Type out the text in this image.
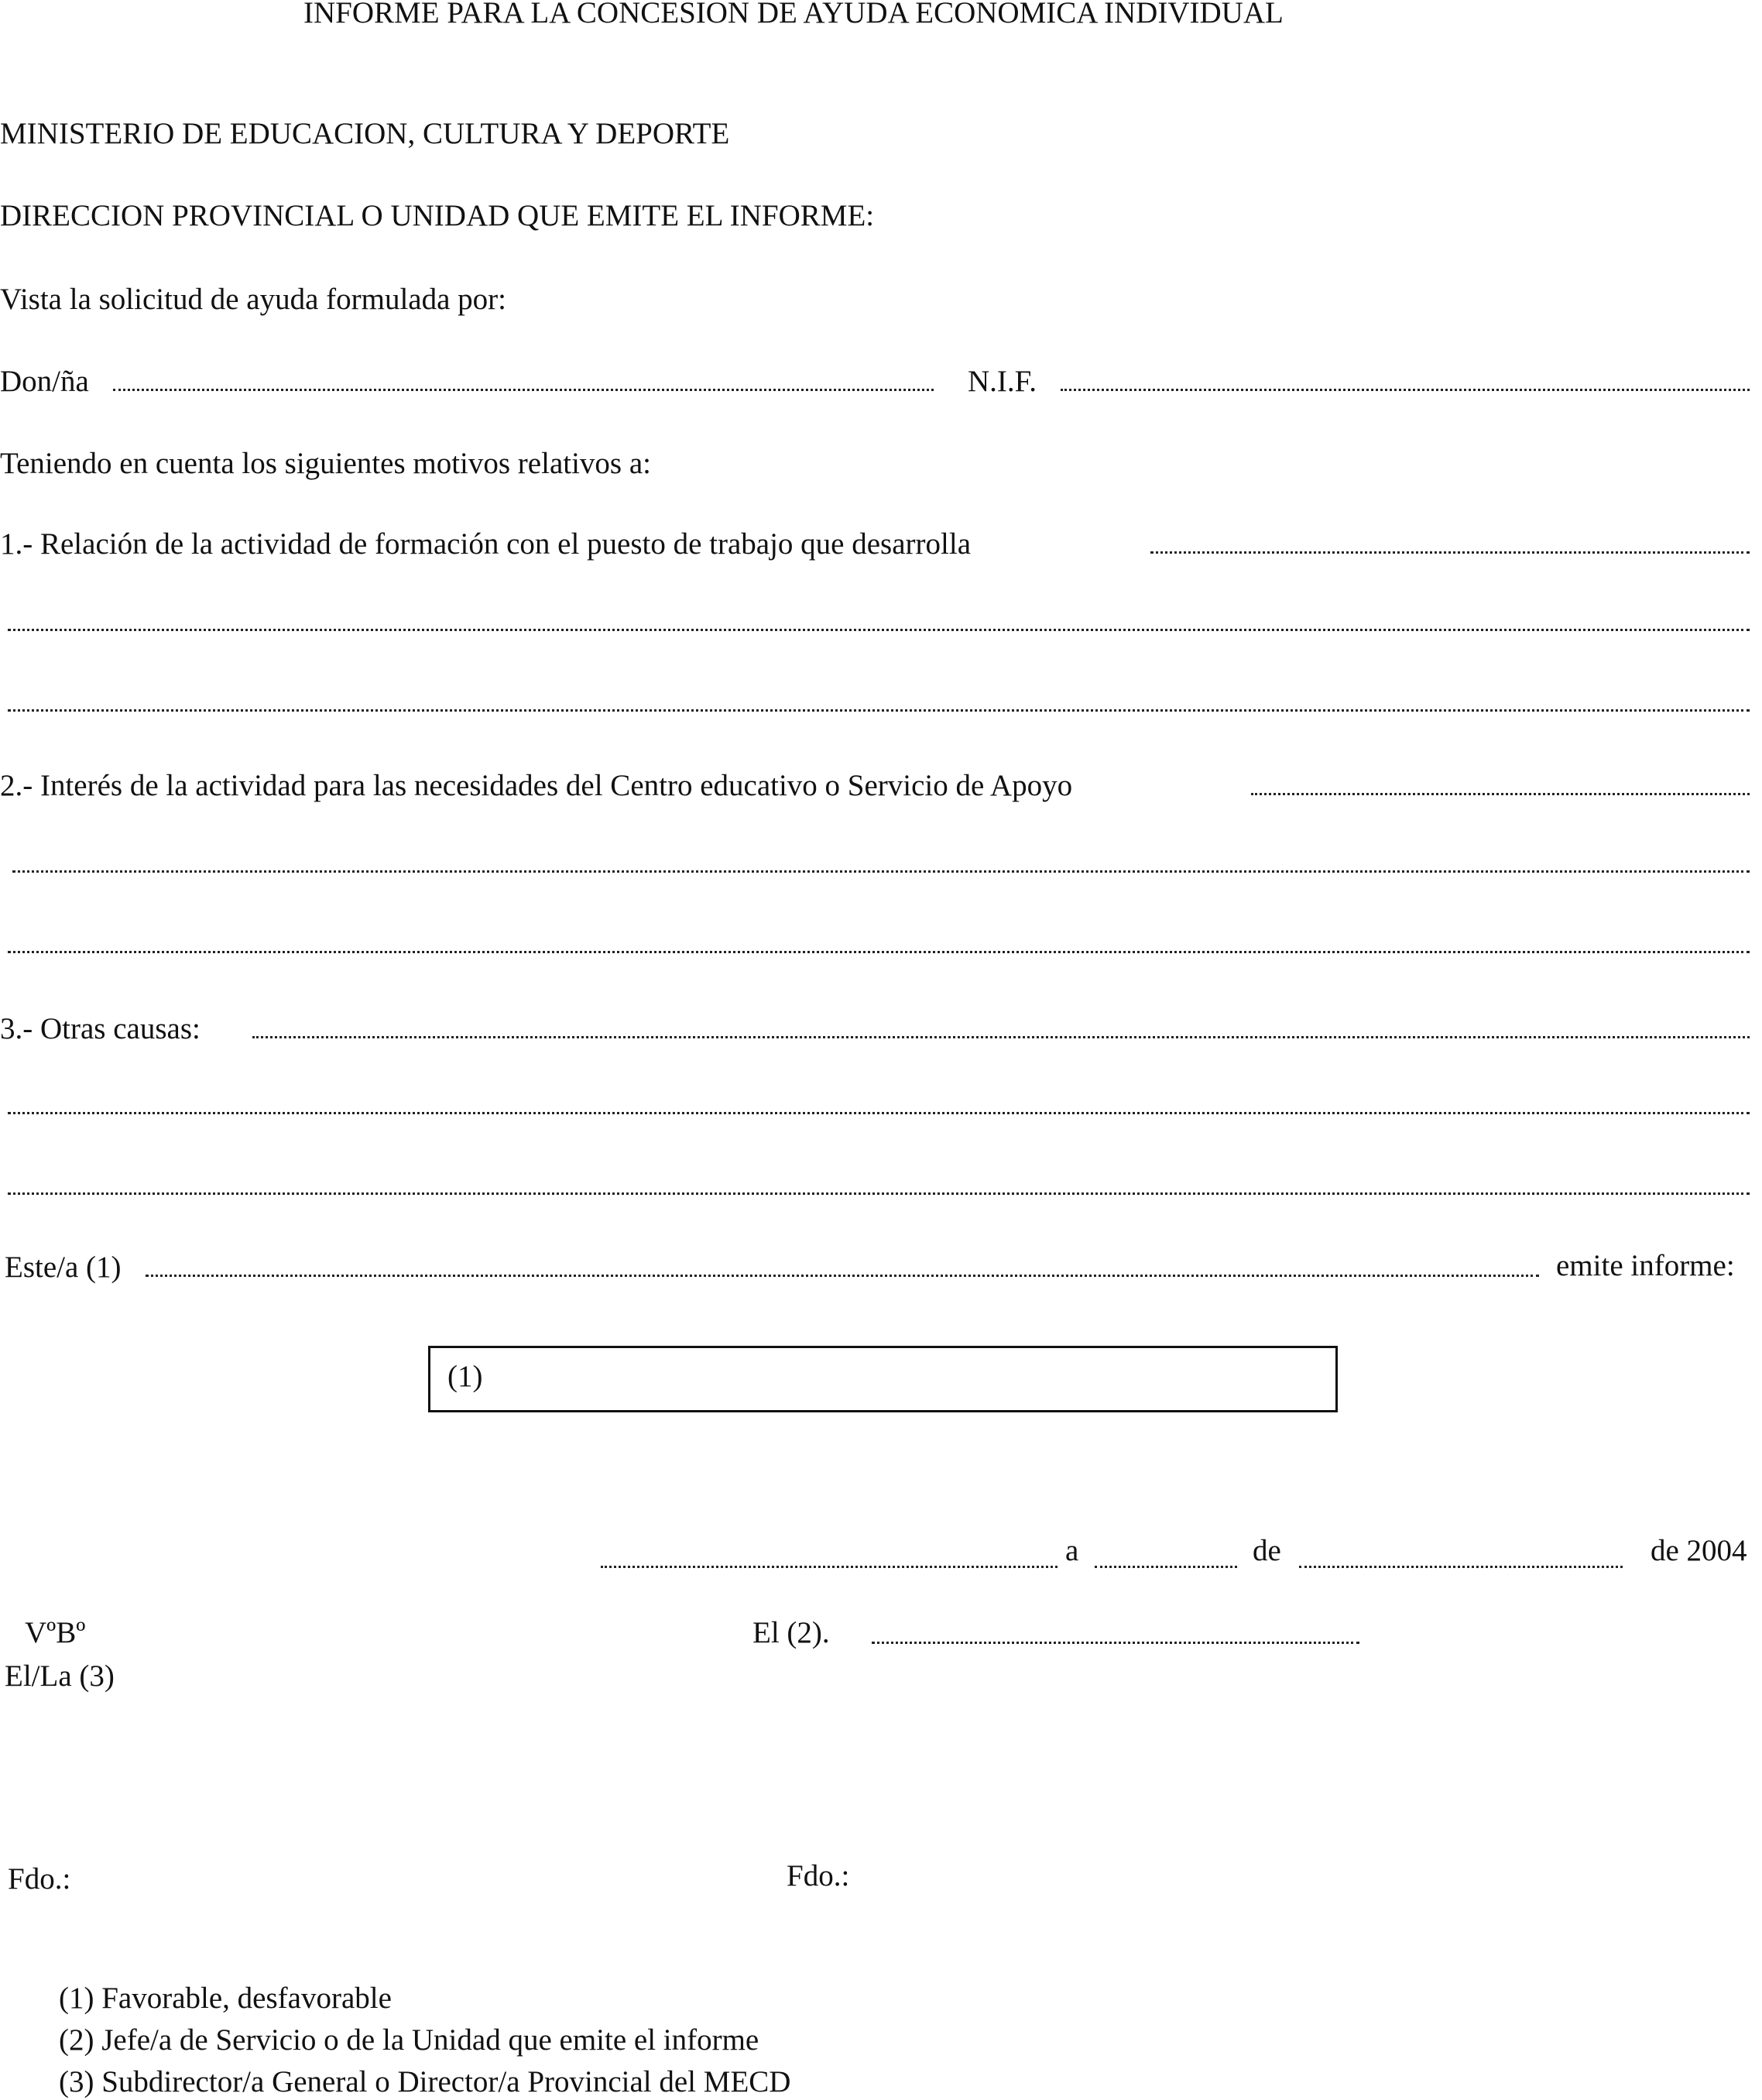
INFORME PARA LA CONCESION DE AYUDA ECONOMICA INDIVIDUAL
MINISTERIO DE EDUCACION, CULTURA Y DEPORTE
DIRECCION PROVINCIAL O UNIDAD QUE EMITE EL INFORME:
Vista la solicitud de ayuda formulada por:
Don/ña	N.I.F.
Teniendo en cuenta los siguientes motivos relativos a:
1.- Relación de la actividad de formación con el puesto de trabajo que desarrolla
2.- Interés de la actividad para las necesidades del Centro educativo o Servicio de Apoyo
3.- Otras causas:
Este/a (1)	emite informe:
(1)
a	de	de 2004
VºBº
El/La (3)
El (2).
Fdo.:	Fdo.:
(1) Favorable, desfavorable
(2) Jefe/a de Servicio o de la Unidad que emite el informe
(3) Subdirector/a General o Director/a Provincial del MECD
